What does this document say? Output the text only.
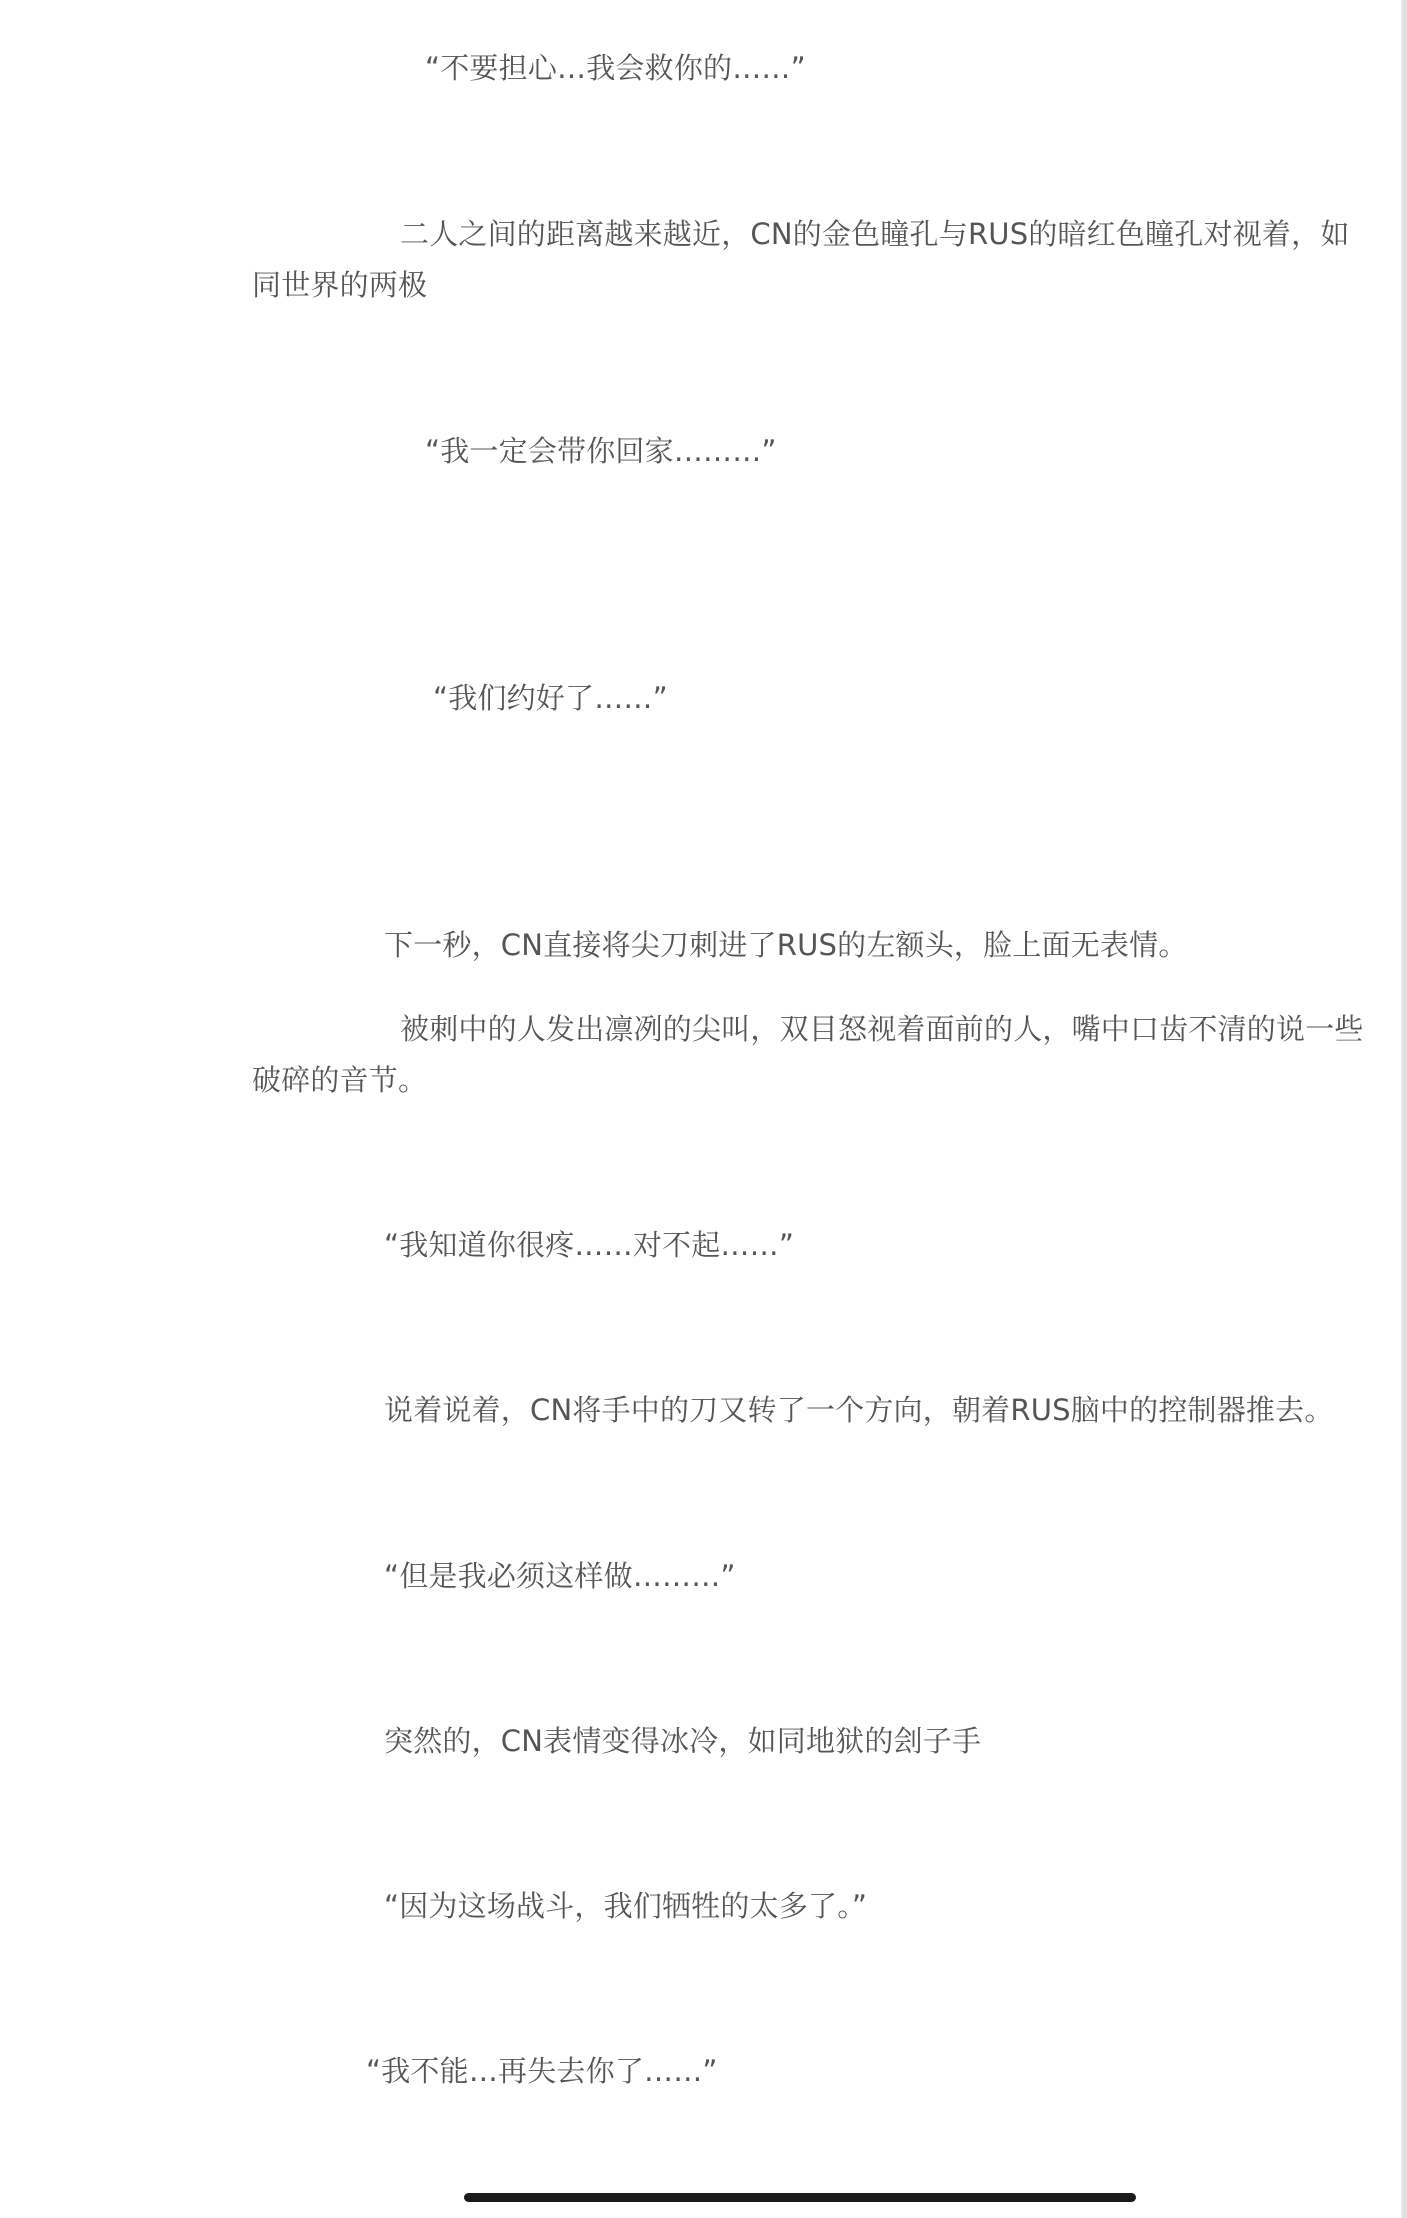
“不要担心…我会救你的……”

二人之间的距离越来越近，CN的金色瞳孔与RUS的暗红色瞳孔对视着，如

同世界的两极

“我一定会带你回家………”

“我们约好了……”

下一秒，CN直接将尖刀刺进了RUS的左额头，脸上面无表情。

被刺中的人发出凛冽的尖叫，双目怒视着面前的人，嘴中口齿不清的说一些

破碎的音节。

“我知道你很疼……对不起……”

说着说着，CN将手中的刀又转了一个方向，朝着RUS脑中的控制器推去。

“但是我必须这样做………”

突然的，CN表情变得冰冷，如同地狱的刽子手

“因为这场战斗，我们牺牲的太多了。”

“我不能…再失去你了……”
